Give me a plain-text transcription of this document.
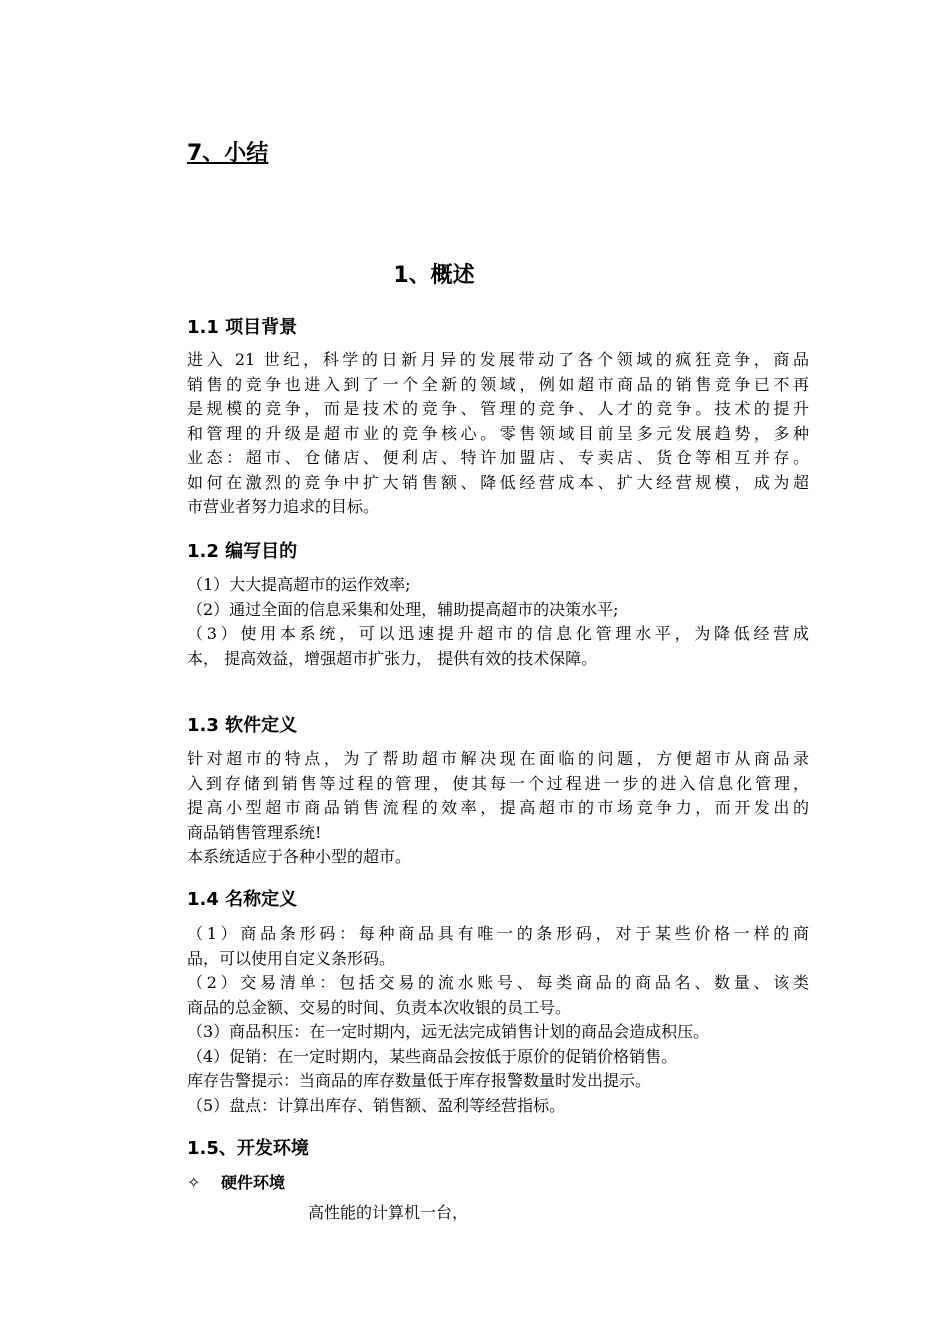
7、小结
1、概述
1.1 项目背景
进入 21 世纪，科学的日新月异的发展带动了各个领域的疯狂竞争，商品
销售的竞争也进入到了一个全新的领域，例如超市商品的销售竞争已不再
是规模的竞争，而是技术的竞争、管理的竞争、人才的竞争。技术的提升
和管理的升级是超市业的竞争核心。零售领域目前呈多元发展趋势，多种
业态：超市、仓储店、便利店、特许加盟店、专卖店、货仓等相互并存。
如何在激烈的竞争中扩大销售额、降低经营成本、扩大经营规模，成为超
市营业者努力追求的目标。
1.2 编写目的
（1）大大提高超市的运作效率;
（2）通过全面的信息采集和处理，辅助提高超市的决策水平;
（3）使用本系统，可以迅速提升超市的信息化管理水平，为降低经营成
本， 提高效益，增强超市扩张力， 提供有效的技术保障。
1.3 软件定义
针对超市的特点，为了帮助超市解决现在面临的问题，方便超市从商品录
入到存储到销售等过程的管理，使其每一个过程进一步的进入信息化管理，
提高小型超市商品销售流程的效率，提高超市的市场竞争力，而开发出的
商品销售管理系统!
本系统适应于各种小型的超市。
1.4 名称定义
（1）商品条形码：每种商品具有唯一的条形码，对于某些价格一样的商
品，可以使用自定义条形码。
（2）交易清单：包括交易的流水账号、每类商品的商品名、数量、该类
商品的总金额、交易的时间、负责本次收银的员工号。
（3）商品积压：在一定时期内，远无法完成销售计划的商品会造成积压。
（4）促销：在一定时期内，某些商品会按低于原价的促销价格销售。
库存告警提示：当商品的库存数量低于库存报警数量时发出提示。
（5）盘点：计算出库存、销售额、盈利等经营指标。
1.5、开发环境
✧ 硬件环境
高性能的计算机一台，
